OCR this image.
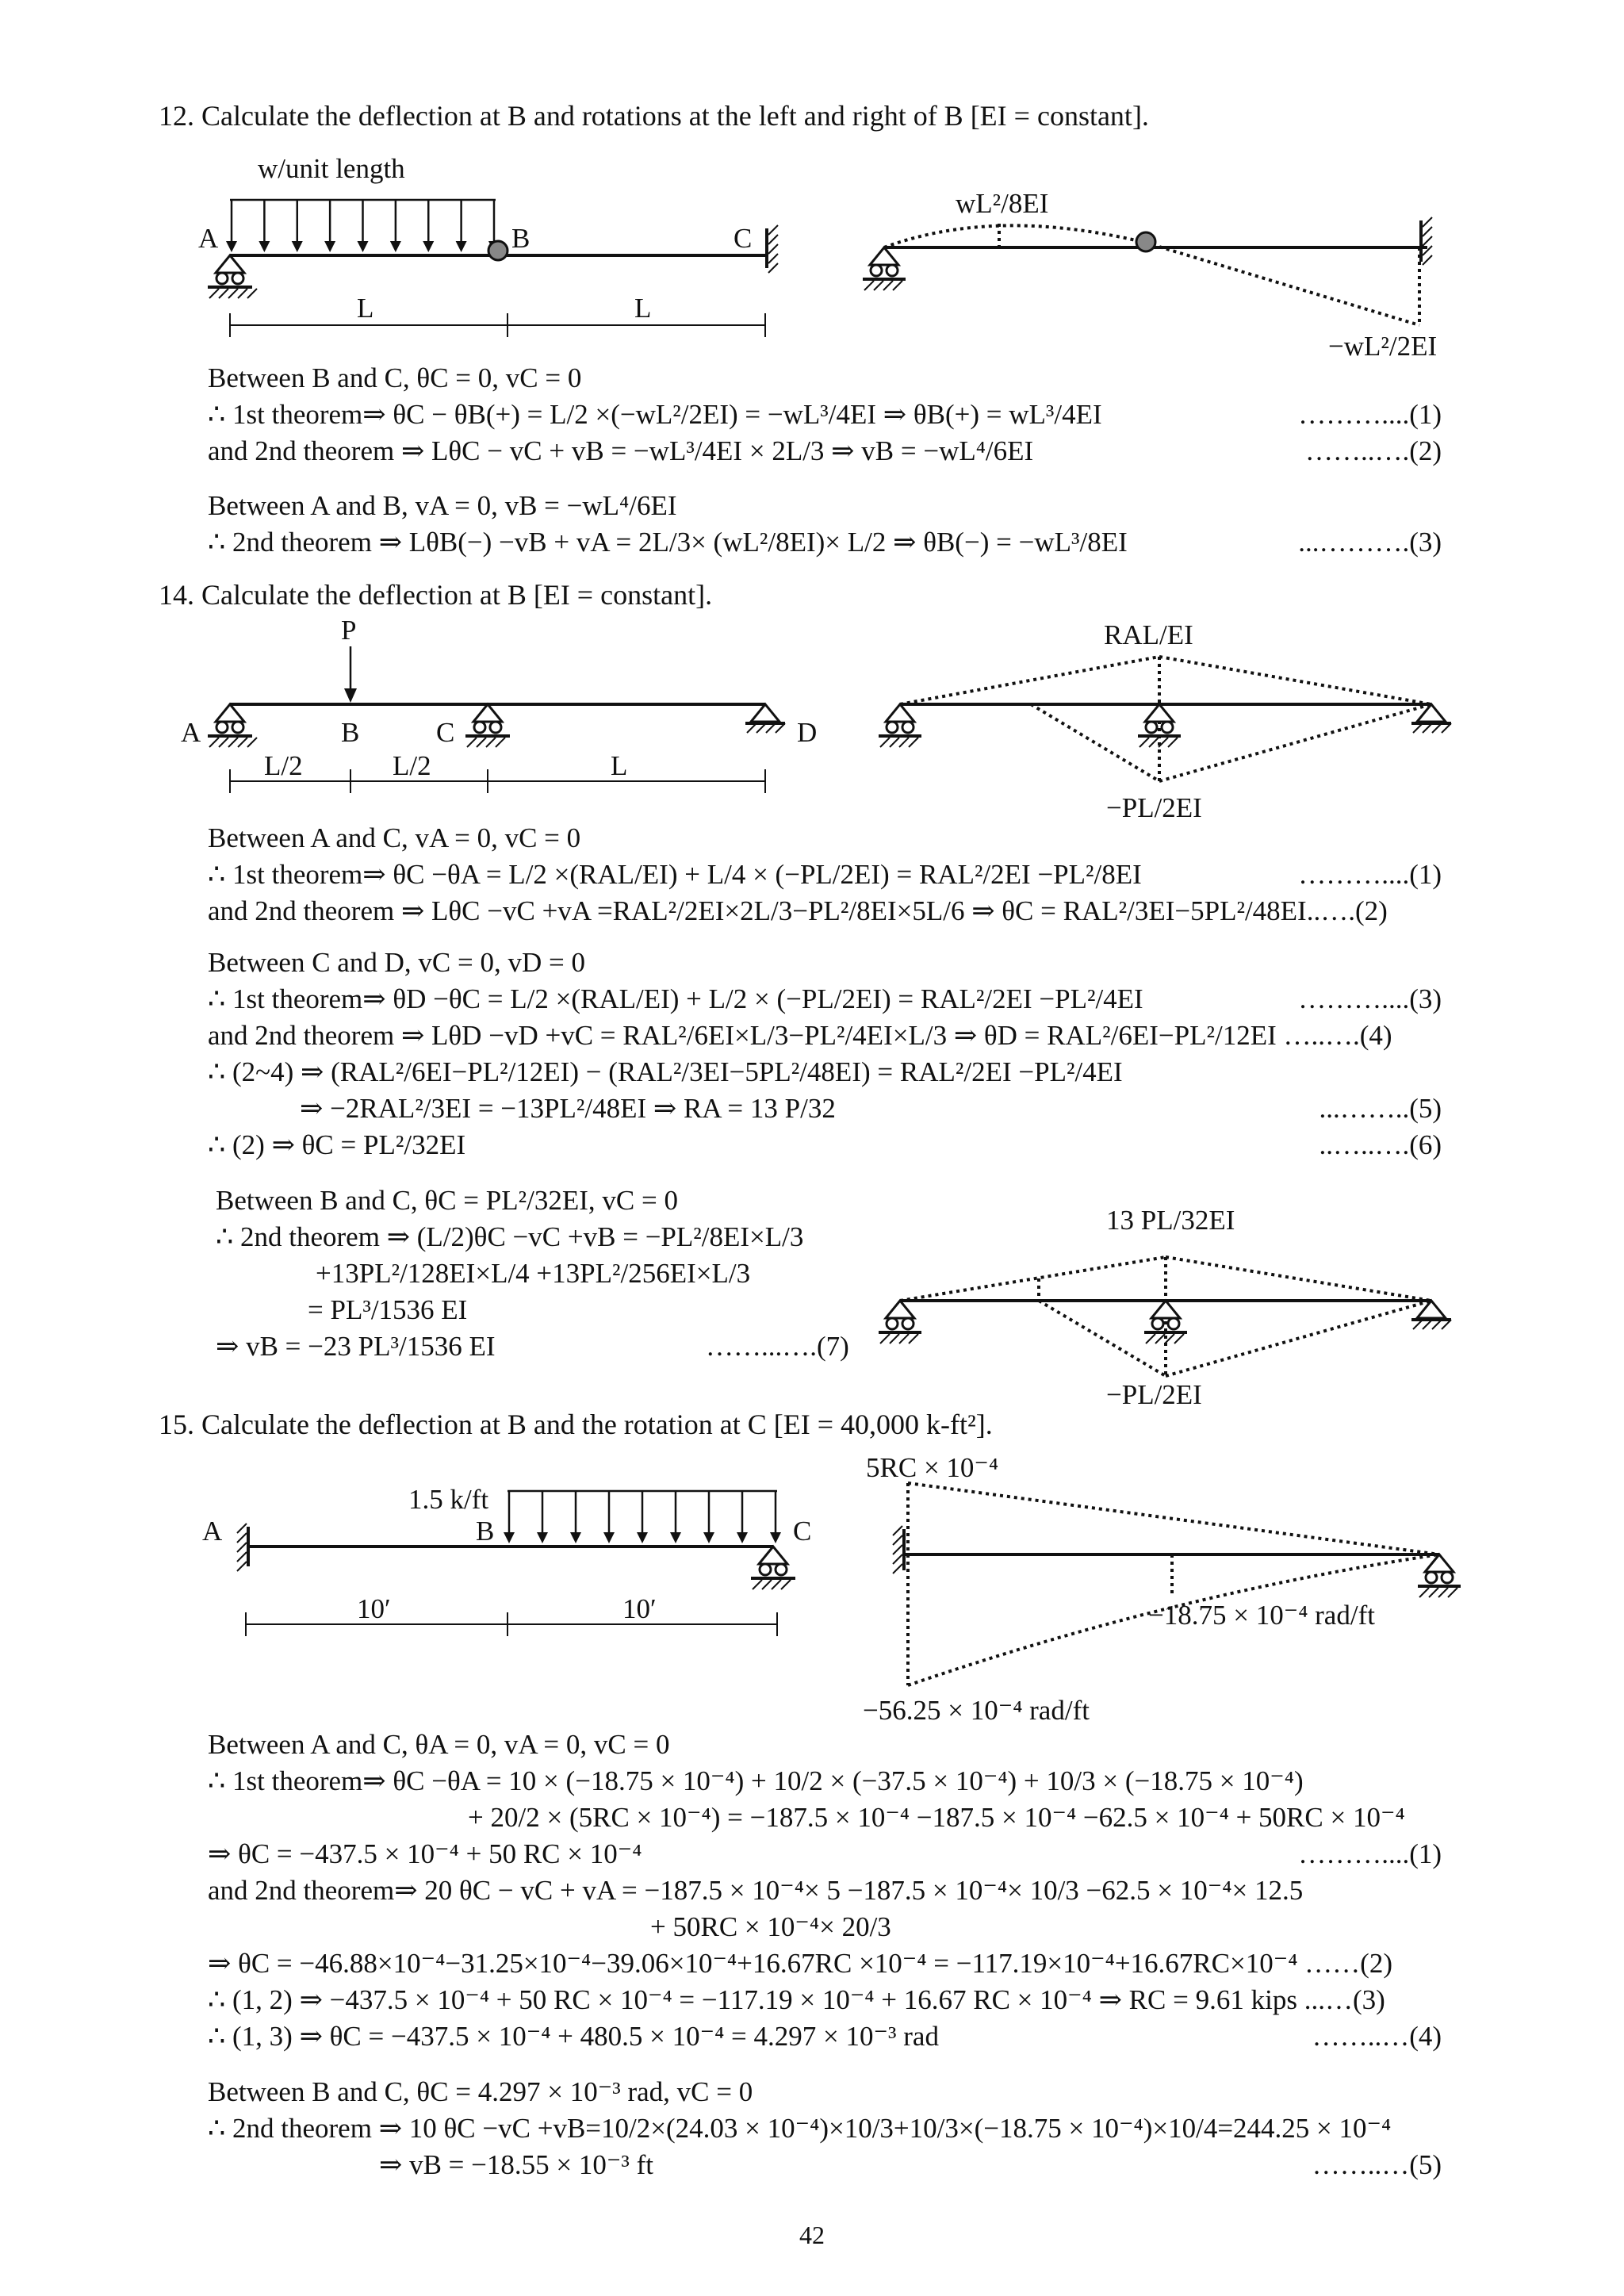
12. Calculate the deflection at B and rotations at the left and right of B [EI = constant].
w/unit length
A	B	C
L	L
wL²/8EI
−wL²/2EI
P
A	B	C	D
L/2	L/2	L
RAL/EI
−PL/2EI
13 PL/32EI
−PL/2EI
1.5 k/ft
A	B	C
10′	10′
5RC × 10⁻⁴
−18.75 × 10⁻⁴ rad/ft
−56.25 × 10⁻⁴ rad/ft
Between B and C, θC = 0, vC = 0
∴ 1st theorem⇒ θC − θB(+) = L/2 ×(−wL²/2EI) = −wL³/4EI ⇒ θB(+) = wL³/4EI
and 2nd theorem ⇒ LθC − vC + vB = −wL³/4EI × 2L/3 ⇒ vB = −wL⁴/6EI
Between A and B, vA = 0, vB = −wL⁴/6EI
∴ 2nd theorem ⇒ LθB(−) −vB + vA = 2L/3× (wL²/8EI)× L/2 ⇒ θB(−) = −wL³/8EI
………....(1)
……..….(2)
...……….(3)
14. Calculate the deflection at B [EI = constant].
Between A and C, vA = 0, vC = 0
∴ 1st theorem⇒ θC −θA = L/2 ×(RAL/EI) + L/4 × (−PL/2EI) = RAL²/2EI −PL²/8EI
and 2nd theorem ⇒ LθC −vC +vA =RAL²/2EI×2L/3−PL²/8EI×5L/6 ⇒ θC = RAL²/3EI−5PL²/48EI..….(2)
Between C and D, vC = 0, vD = 0
∴ 1st theorem⇒ θD −θC = L/2 ×(RAL/EI) + L/2 × (−PL/2EI) = RAL²/2EI −PL²/4EI
and 2nd theorem ⇒ LθD −vD +vC = RAL²/6EI×L/3−PL²/4EI×L/3 ⇒ θD = RAL²/6EI−PL²/12EI …..….(4)
∴ (2~4) ⇒ (RAL²/6EI−PL²/12EI) − (RAL²/3EI−5PL²/48EI) = RAL²/2EI −PL²/4EI
⇒ −2RAL²/3EI = −13PL²/48EI ⇒ RA = 13 P/32
∴ (2) ⇒ θC = PL²/32EI
………....(1)
………....(3)
...……..(5)
..…..….(6)
Between B and C, θC = PL²/32EI, vC = 0
∴ 2nd theorem ⇒ (L/2)θC −vC +vB = −PL²/8EI×L/3
+13PL²/128EI×L/4 +13PL²/256EI×L/3
= PL³/1536 EI
⇒ vB = −23 PL³/1536 EI	……...….(7)
15. Calculate the deflection at B and the rotation at C [EI = 40,000 k-ft²].
Between A and C, θA = 0, vA = 0, vC = 0
∴ 1st theorem⇒ θC −θA = 10 × (−18.75 × 10⁻⁴) + 10/2 × (−37.5 × 10⁻⁴) + 10/3 × (−18.75 × 10⁻⁴)
+ 20/2 × (5RC × 10⁻⁴) = −187.5 × 10⁻⁴ −187.5 × 10⁻⁴ −62.5 × 10⁻⁴ + 50RC × 10⁻⁴
⇒ θC = −437.5 × 10⁻⁴ + 50 RC × 10⁻⁴
and 2nd theorem⇒ 20 θC − vC + vA = −187.5 × 10⁻⁴× 5 −187.5 × 10⁻⁴× 10/3 −62.5 × 10⁻⁴× 12.5
+ 50RC × 10⁻⁴× 20/3
⇒ θC = −46.88×10⁻⁴−31.25×10⁻⁴−39.06×10⁻⁴+16.67RC ×10⁻⁴ = −117.19×10⁻⁴+16.67RC×10⁻⁴ ……(2)
∴ (1, 2) ⇒ −437.5 × 10⁻⁴ + 50 RC × 10⁻⁴ = −117.19 × 10⁻⁴ + 16.67 RC × 10⁻⁴ ⇒ RC = 9.61 kips ...…(3)
∴ (1, 3) ⇒ θC = −437.5 × 10⁻⁴ + 480.5 × 10⁻⁴ = 4.297 × 10⁻³ rad
………....(1)
……..…(4)
Between B and C, θC = 4.297 × 10⁻³ rad, vC = 0
∴ 2nd theorem ⇒ 10 θC −vC +vB=10/2×(24.03 × 10⁻⁴)×10/3+10/3×(−18.75 × 10⁻⁴)×10/4=244.25 × 10⁻⁴
⇒ vB = −18.55 × 10⁻³ ft	……..…(5)
42
